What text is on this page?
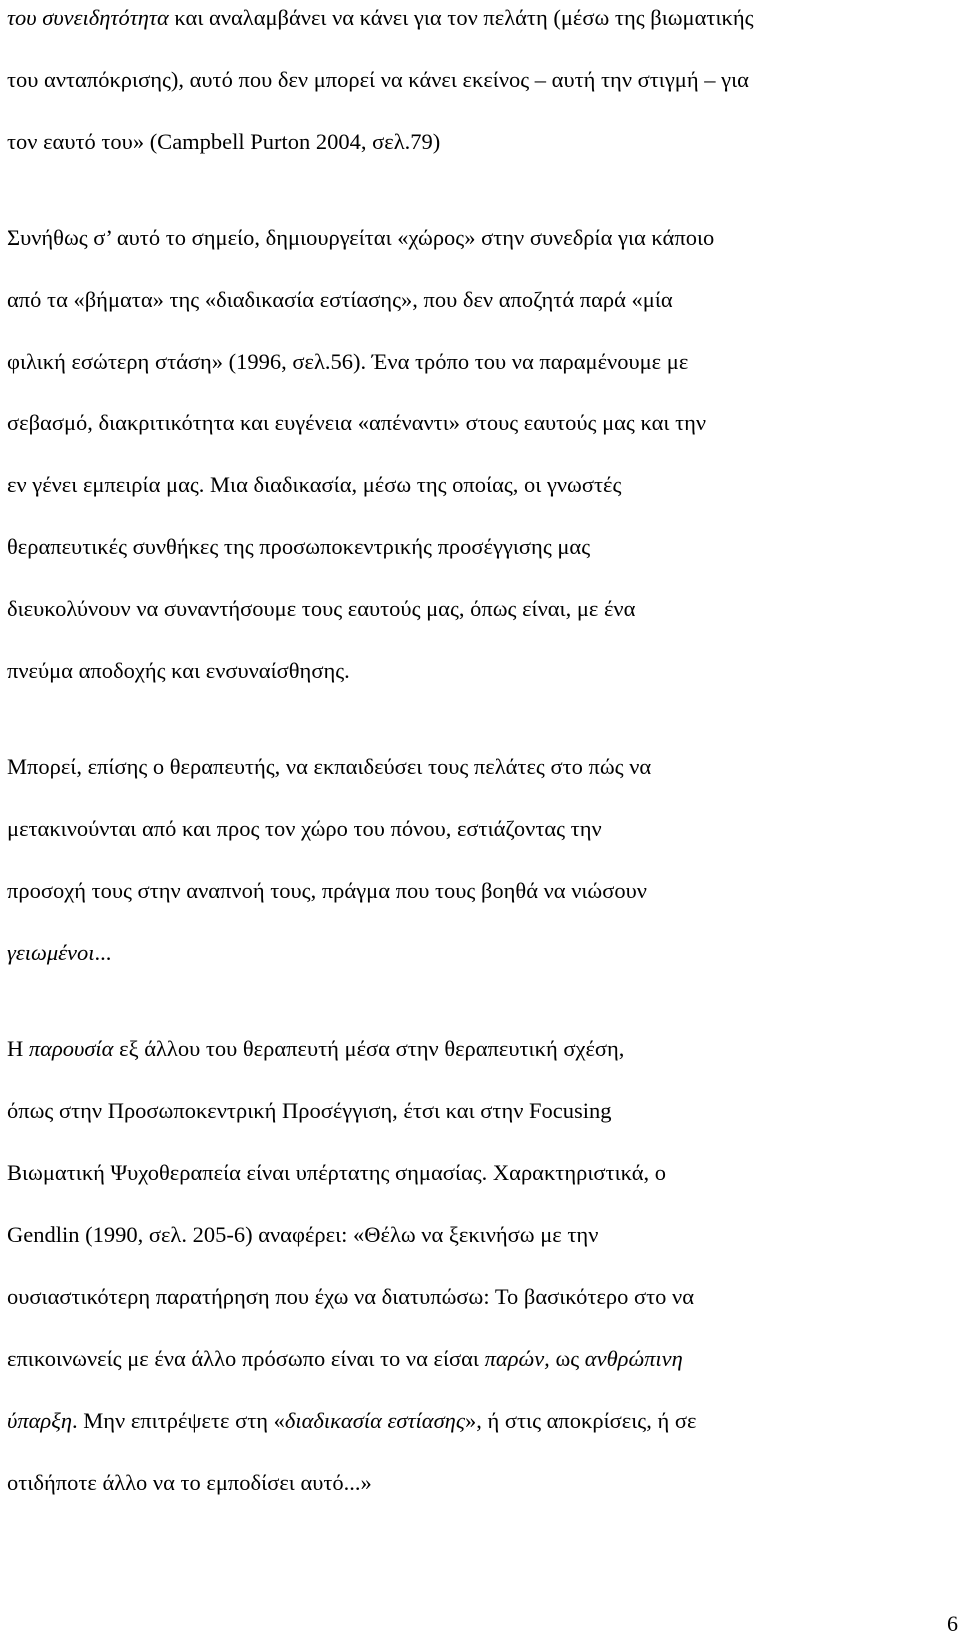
του συνειδητότητα και αναλαμβάνει να κάνει για τον πελάτη (μέσω της βιωματικής

του ανταπόκρισης), αυτό που δεν μπορεί να κάνει εκείνος – αυτή την στιγμή – για

τον εαυτό του» (Campbell Purton 2004, σελ.79)

Συνήθως σ’ αυτό το σημείο, δημιουργείται «χώρος» στην συνεδρία για κάποιο

από τα «βήματα» της «διαδικασία εστίασης», που δεν αποζητά παρά «μία

φιλική εσώτερη στάση» (1996, σελ.56). Ένα τρόπο του να παραμένουμε με

σεβασμό, διακριτικότητα και ευγένεια «απέναντι» στους εαυτούς μας και την

εν γένει εμπειρία μας. Μια διαδικασία, μέσω της οποίας, οι γνωστές

θεραπευτικές συνθήκες της προσωποκεντρικής προσέγγισης μας

διευκολύνουν να συναντήσουμε τους εαυτούς μας, όπως είναι, με ένα

πνεύμα αποδοχής και ενσυναίσθησης.

Μπορεί, επίσης ο θεραπευτής, να εκπαιδεύσει τους πελάτες στο πώς να

μετακινούνται από και προς τον χώρο του πόνου, εστιάζοντας την

προσοχή τους στην αναπνοή τους, πράγμα που τους βοηθά να νιώσουν

γειωμένοι...

Η παρουσία εξ άλλου του θεραπευτή μέσα στην θεραπευτική σχέση,

όπως στην Προσωποκεντρική Προσέγγιση, έτσι και στην Focusing

Βιωματική Ψυχοθεραπεία είναι υπέρτατης σημασίας. Χαρακτηριστικά, ο

Gendlin (1990, σελ. 205-6) αναφέρει: «Θέλω να ξεκινήσω με την

ουσιαστικότερη παρατήρηση που έχω να διατυπώσω: Το βασικότερο στο να

επικοινωνείς με ένα άλλο πρόσωπο είναι το να είσαι παρών, ως ανθρώπινη

ύπαρξη. Μην επιτρέψετε στη «διαδικασία εστίασης», ή στις αποκρίσεις, ή σε

οτιδήποτε άλλο να το εμποδίσει αυτό...»

6
